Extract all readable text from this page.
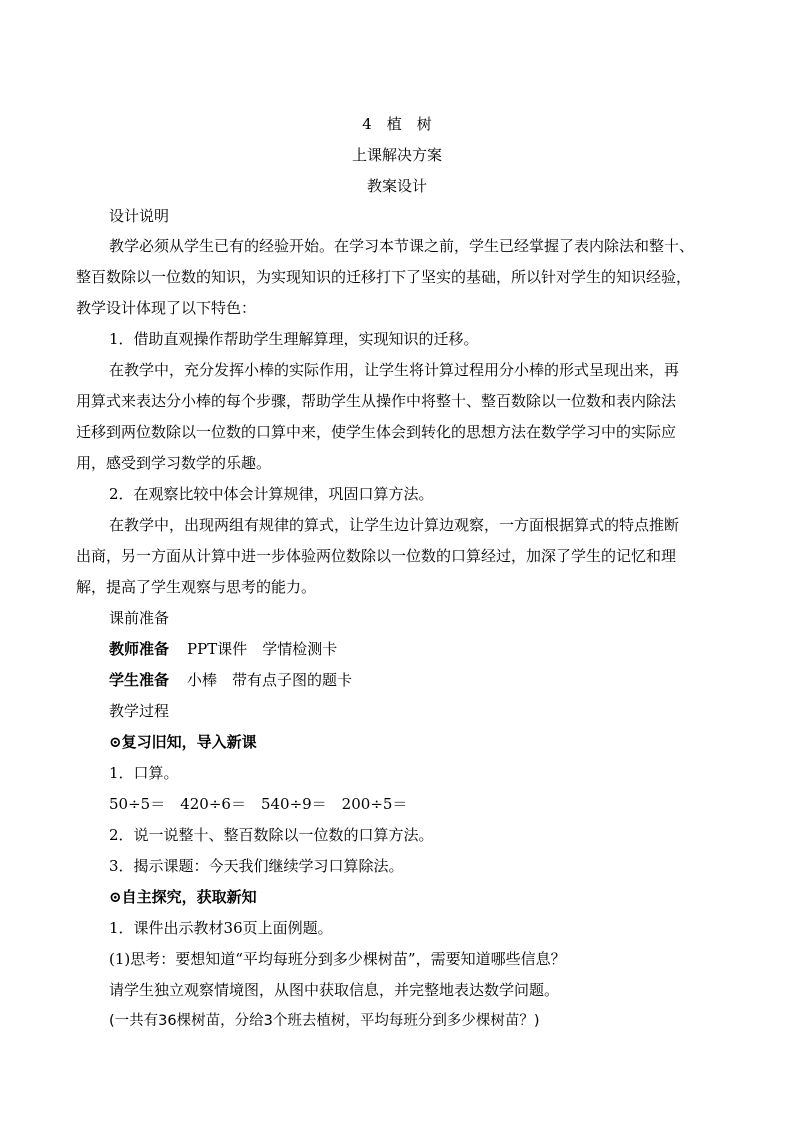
4　植　树
上课解决方案
教案设计
设计说明
教学必须从学生已有的经验开始。在学习本节课之前，学生已经掌握了表内除法和整十、
整百数除以一位数的知识，为实现知识的迁移打下了坚实的基础，所以针对学生的知识经验，
教学设计体现了以下特色：
1．借助直观操作帮助学生理解算理，实现知识的迁移。
在教学中，充分发挥小棒的实际作用，让学生将计算过程用分小棒的形式呈现出来，再
用算式来表达分小棒的每个步骤，帮助学生从操作中将整十、整百数除以一位数和表内除法
迁移到两位数除以一位数的口算中来，使学生体会到转化的思想方法在数学学习中的实际应
用，感受到学习数学的乐趣。
2．在观察比较中体会计算规律，巩固口算方法。
在教学中，出现两组有规律的算式，让学生边计算边观察，一方面根据算式的特点推断
出商，另一方面从计算中进一步体验两位数除以一位数的口算经过，加深了学生的记忆和理
解，提高了学生观察与思考的能力。
课前准备
教师准备 PPT课件　学情检测卡
学生准备 小棒　带有点子图的题卡
教学过程
⊙复习旧知，导入新课
1．口算。
50÷5＝　420÷6＝　540÷9＝　200÷5＝
2．说一说整十、整百数除以一位数的口算方法。
3．揭示课题：今天我们继续学习口算除法。
⊙自主探究，获取新知
1．课件出示教材36页上面例题。
(1)思考：要想知道“平均每班分到多少棵树苗”，需要知道哪些信息？
请学生独立观察情境图，从图中获取信息，并完整地表达数学问题。
(一共有36棵树苗，分给3个班去植树，平均每班分到多少棵树苗？)
